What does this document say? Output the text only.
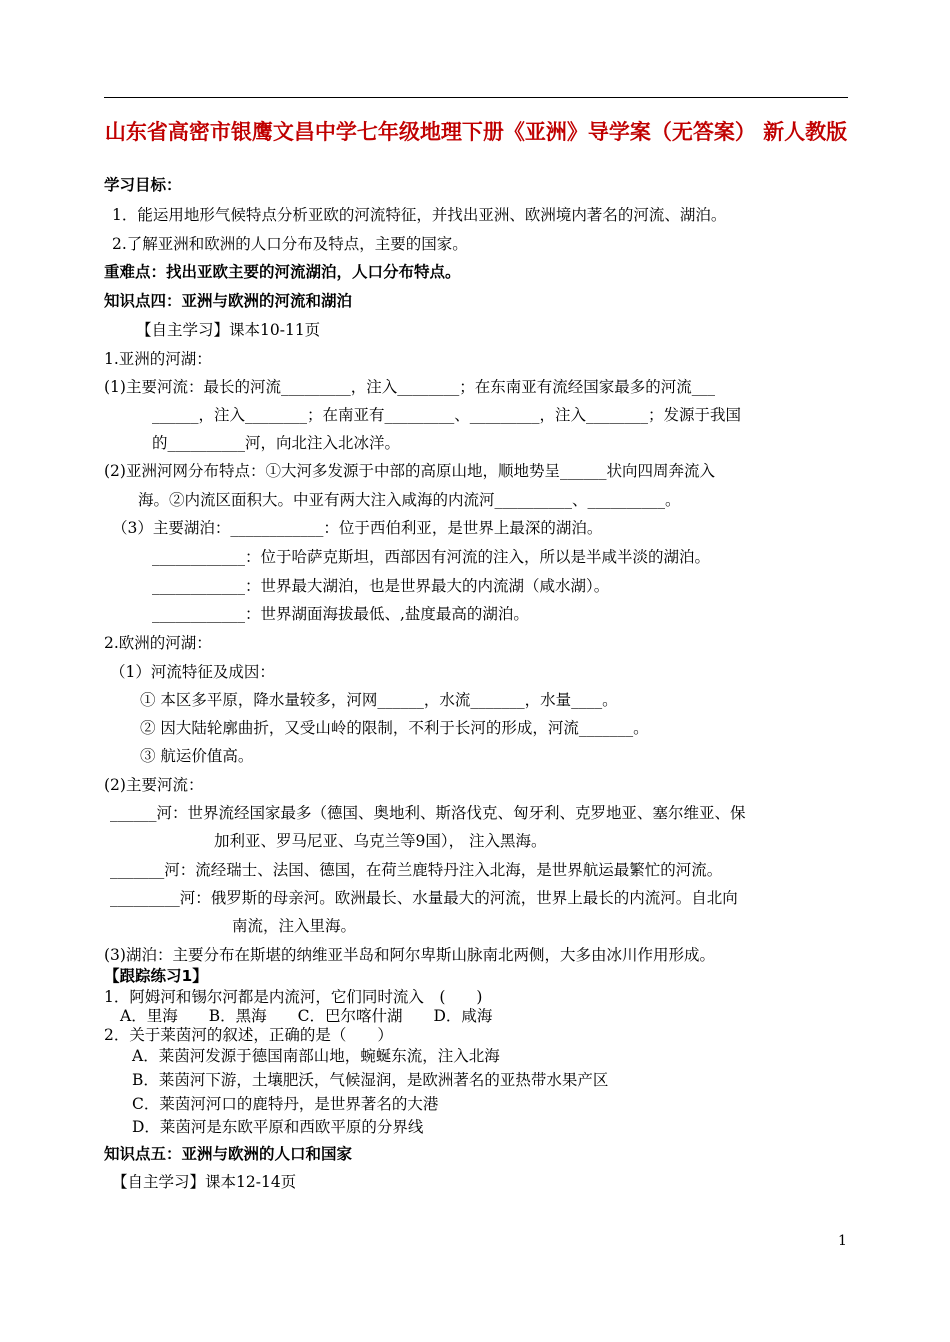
山东省高密市银鹰文昌中学七年级地理下册《亚洲》导学案（无答案） 新人教版
学习目标：
1．能运用地形气候特点分析亚欧的河流特征，并找出亚洲、欧洲境内著名的河流、湖泊。
2.了解亚洲和欧洲的人口分布及特点，主要的国家。
重难点：找出亚欧主要的河流湖泊，人口分布特点。
知识点四：亚洲与欧洲的河流和湖泊
【自主学习】课本10-11页
1.亚洲的河湖：
(1)主要河流：最长的河流_________，注入________；在东南亚有流经国家最多的河流___
______，注入________；在南亚有_________、_________，注入________；发源于我国
的__________河，向北注入北冰洋。
(2)亚洲河网分布特点：①大河多发源于中部的高原山地，顺地势呈______状向四周奔流入
海。②内流区面积大。中亚有两大注入咸海的内流河__________、__________。
（3）主要湖泊：____________：位于西伯利亚，是世界上最深的湖泊。
____________：位于哈萨克斯坦，西部因有河流的注入，所以是半咸半淡的湖泊。
____________：世界最大湖泊，也是世界最大的内流湖（咸水湖）。
____________：世界湖面海拔最低、,盐度最高的湖泊。
2.欧洲的河湖：
（1）河流特征及成因：
① 本区多平原，降水量较多，河网______，水流_______，水量____。
② 因大陆轮廓曲折，又受山岭的限制，不利于长河的形成，河流_______。
③ 航运价值高。
(2)主要河流：
______河：世界流经国家最多（德国、奥地利、斯洛伐克、匈牙利、克罗地亚、塞尔维亚、保
加利亚、罗马尼亚、乌克兰等9国）， 注入黑海。
_______河：流经瑞士、法国、德国，在荷兰鹿特丹注入北海，是世界航运最繁忙的河流。
_________河：俄罗斯的母亲河。欧洲最长、水量最大的河流，世界上最长的内流河。自北向
南流，注入里海。
(3)湖泊：主要分布在斯堪的纳维亚半岛和阿尔卑斯山脉南北两侧，大多由冰川作用形成。
【跟踪练习1】
1．阿姆河和锡尔河都是内流河，它们同时流入　(　　)
A．里海　　B．黑海　　C．巴尔喀什湖　　D．咸海
2．关于莱茵河的叙述，正确的是（　　）
A．莱茵河发源于德国南部山地，蜿蜒东流，注入北海
B．莱茵河下游，土壤肥沃，气候湿润，是欧洲著名的亚热带水果产区
C．莱茵河河口的鹿特丹，是世界著名的大港
D．莱茵河是东欧平原和西欧平原的分界线
知识点五：亚洲与欧洲的人口和国家
【自主学习】课本12-14页
1
